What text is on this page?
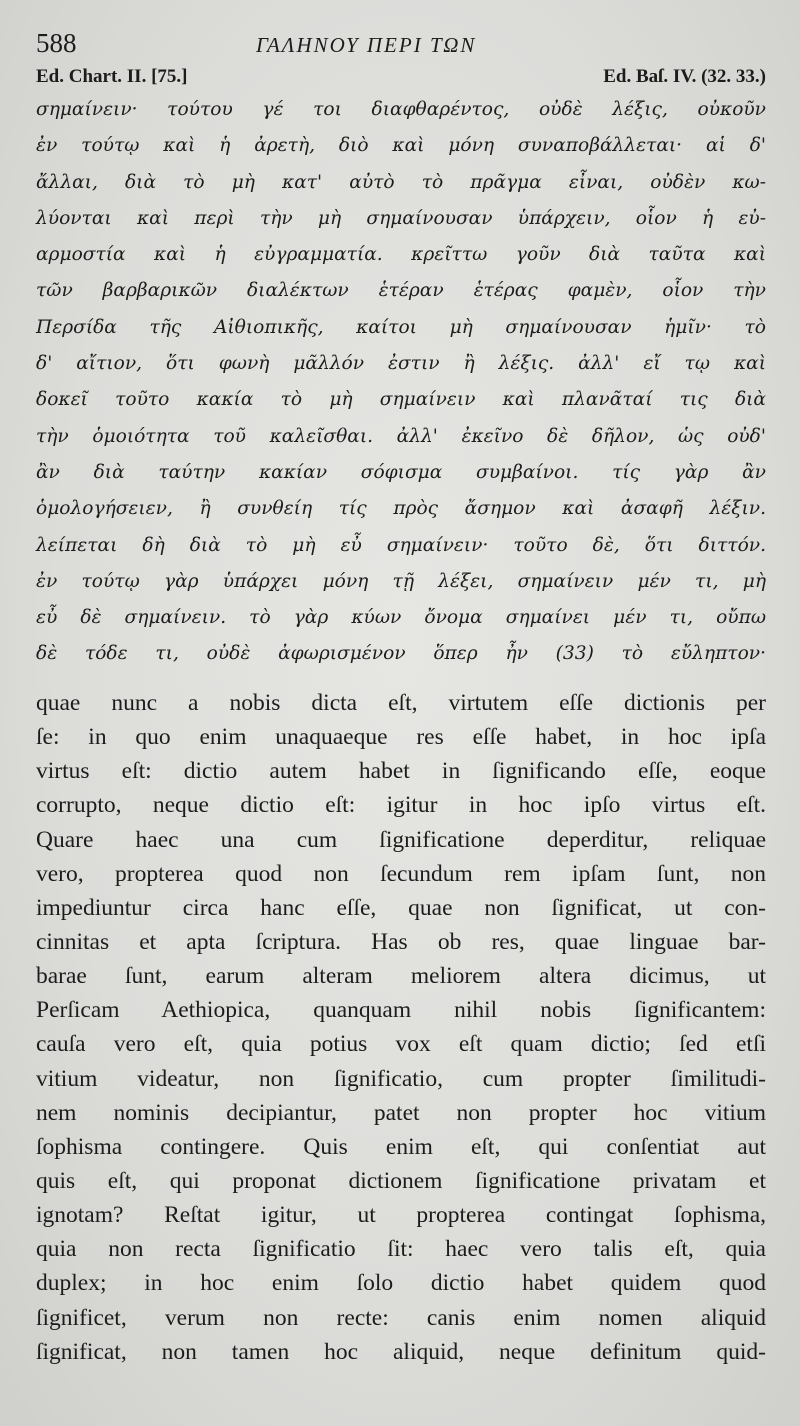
588	ΓΑΛΗΝΟΥ ΠΕΡΙ ΤΩΝ
Ed. Chart. II. [75.]	Ed. Baſ. IV. (32. 33.)
σημαίνειν· τούτου γέ τοι διαφθαρέντος, οὐδὲ λέξις, οὐκοῦν
ἐν τούτῳ καὶ ἡ ἀρετὴ, διὸ καὶ μόνη συναποβάλλεται· αἱ δ'
ἄλλαι, διὰ τὸ μὴ κατ' αὐτὸ τὸ πρᾶγμα εἶναι, οὐδὲν κω-
λύονται καὶ περὶ τὴν μὴ σημαίνουσαν ὑπάρχειν, οἷον ἡ εὐ-
αρμοστία καὶ ἡ εὐγραμματία. κρεῖττω γοῦν διὰ ταῦτα καὶ
τῶν βαρβαρικῶν διαλέκτων ἑτέραν ἑτέρας φαμὲν, οἷον τὴν
Περσίδα τῆς Αἰθιοπικῆς, καίτοι μὴ σημαίνουσαν ἡμῖν· τὸ
δ' αἴτιον, ὅτι φωνὴ μᾶλλόν ἐστιν ἢ λέξις. ἀλλ' εἴ τῳ καὶ
δοκεῖ τοῦτο κακία τὸ μὴ σημαίνειν καὶ πλανᾶταί τις διὰ
τὴν ὁμοιότητα τοῦ καλεῖσθαι. ἀλλ' ἐκεῖνο δὲ δῆλον, ὡς οὐδ'
ἂν διὰ ταύτην κακίαν σόφισμα συμβαίνοι. τίς γὰρ ἂν
ὁμολογήσειεν, ἢ συνθείη τίς πρὸς ἄσημον καὶ ἀσαφῆ λέξιν.
λείπεται δὴ διὰ τὸ μὴ εὖ σημαίνειν· τοῦτο δὲ, ὅτι διττόν.
ἐν τούτῳ γὰρ ὑπάρχει μόνη τῇ λέξει, σημαίνειν μέν τι, μὴ
εὖ δὲ σημαίνειν. τὸ γὰρ κύων ὄνομα σημαίνει μέν τι, οὔπω
δὲ τόδε τι, οὐδὲ ἀφωρισμένον ὅπερ ἦν (33) τὸ εὔληπτον·
quae nunc a nobis dicta eſt, virtutem eſſe dictionis per
ſe: in quo enim unaquaeque res eſſe habet, in hoc ipſa
virtus eſt: dictio autem habet in ſignificando eſſe, eoque
corrupto, neque dictio eſt: igitur in hoc ipſo virtus eſt.
Quare haec una cum ſignificatione deperditur, reliquae
vero, propterea quod non ſecundum rem ipſam ſunt, non
impediuntur circa hanc eſſe, quae non ſignificat, ut con-
cinnitas et apta ſcriptura. Has ob res, quae linguae bar-
barae ſunt, earum alteram meliorem altera dicimus, ut
Perſicam Aethiopica, quanquam nihil nobis ſignificantem:
cauſa vero eſt, quia potius vox eſt quam dictio; ſed etſi
vitium videatur, non ſignificatio, cum propter ſimilitudi-
nem nominis decipiantur, patet non propter hoc vitium
ſophisma contingere. Quis enim eſt, qui conſentiat aut
quis eſt, qui proponat dictionem ſignificatione privatam et
ignotam? Reſtat igitur, ut propterea contingat ſophisma,
quia non recta ſignificatio ſit: haec vero talis eſt, quia
duplex; in hoc enim ſolo dictio habet quidem quod
ſignificet, verum non recte: canis enim nomen aliquid
ſignificat, non tamen hoc aliquid, neque definitum quid-
